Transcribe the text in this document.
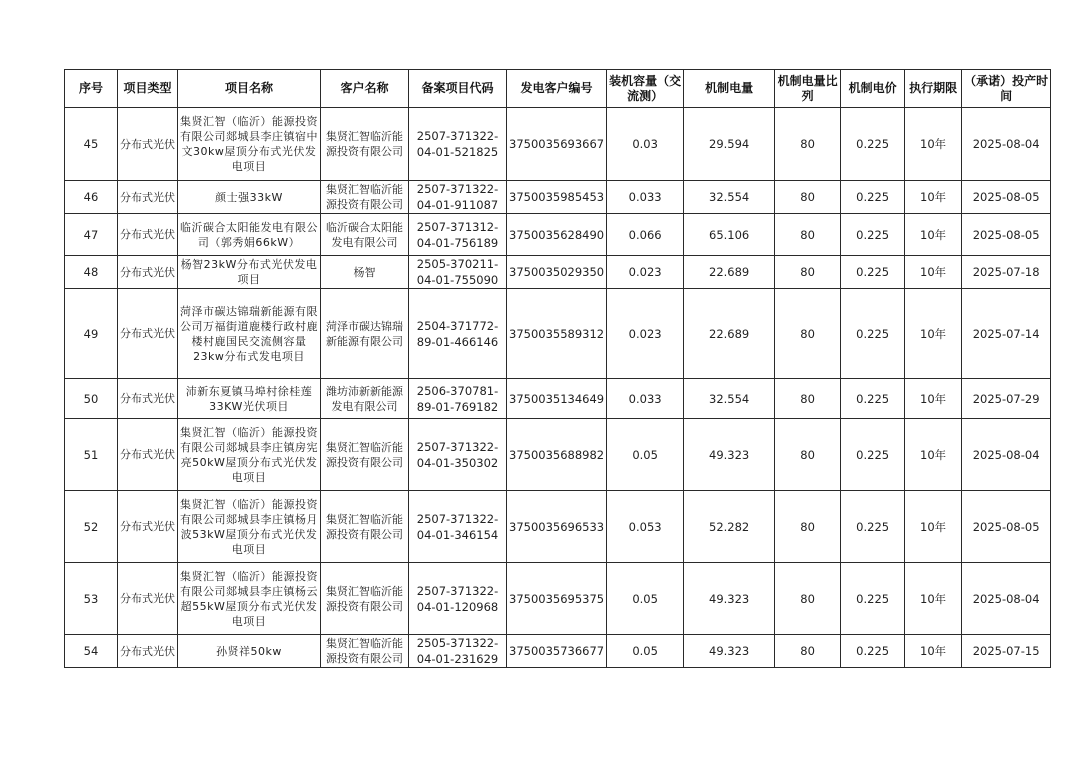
序号	项目类型	项目名称	客户名称	备案项目代码	发电客户编号	装机容量（交流测）	机制电量	机制电量比列	机制电价	执行期限	（承诺）投产时间
45	分布式光伏	集贤汇智（临沂）能源投资有限公司郯城县李庄镇宿中文30kw屋顶分布式光伏发电项目	集贤汇智临沂能源投资有限公司	2507-371322-04-01-521825	3750035693667	0.03	29.594	80	0.225	10年	2025-08-04
46	分布式光伏	颜士强33kW	集贤汇智临沂能源投资有限公司	2507-371322-04-01-911087	3750035985453	0.033	32.554	80	0.225	10年	2025-08-05
47	分布式光伏	临沂碳合太阳能发电有限公司（郭秀娟66kW）	临沂碳合太阳能发电有限公司	2507-371312-04-01-756189	3750035628490	0.066	65.106	80	0.225	10年	2025-08-05
48	分布式光伏	杨智23kW分布式光伏发电项目	杨智	2505-370211-04-01-755090	3750035029350	0.023	22.689	80	0.225	10年	2025-07-18
49	分布式光伏	菏泽市碳达锦瑞新能源有限公司万福街道鹿楼行政村鹿楼村鹿国民交流侧容量23kw分布式发电项目	菏泽市碳达锦瑞新能源有限公司	2504-371772-89-01-466146	3750035589312	0.023	22.689	80	0.225	10年	2025-07-14
50	分布式光伏	沛新东夏镇马埠村徐桂莲33KW光伏项目	潍坊沛新新能源发电有限公司	2506-370781-89-01-769182	3750035134649	0.033	32.554	80	0.225	10年	2025-07-29
51	分布式光伏	集贤汇智（临沂）能源投资有限公司郯城县李庄镇房宪亮50kW屋顶分布式光伏发电项目	集贤汇智临沂能源投资有限公司	2507-371322-04-01-350302	3750035688982	0.05	49.323	80	0.225	10年	2025-08-04
52	分布式光伏	集贤汇智（临沂）能源投资有限公司郯城县李庄镇杨月波53kW屋顶分布式光伏发电项目	集贤汇智临沂能源投资有限公司	2507-371322-04-01-346154	3750035696533	0.053	52.282	80	0.225	10年	2025-08-05
53	分布式光伏	集贤汇智（临沂）能源投资有限公司郯城县李庄镇杨云超55kW屋顶分布式光伏发电项目	集贤汇智临沂能源投资有限公司	2507-371322-04-01-120968	3750035695375	0.05	49.323	80	0.225	10年	2025-08-04
54	分布式光伏	孙贤祥50kw	集贤汇智临沂能源投资有限公司	2505-371322-04-01-231629	3750035736677	0.05	49.323	80	0.225	10年	2025-07-15
